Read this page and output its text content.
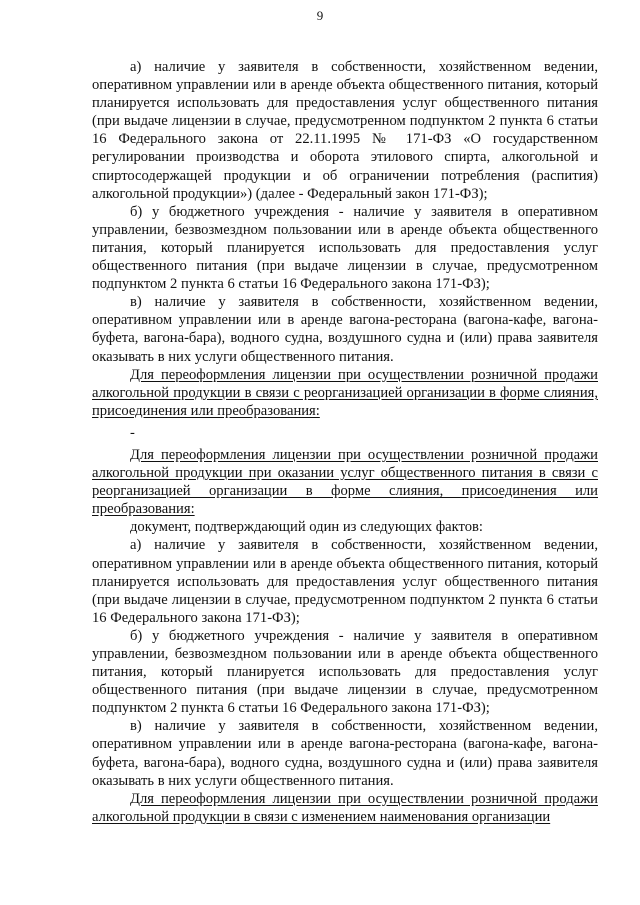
9

а) наличие у заявителя в собственности, хозяйственном ведении, оперативном управлении или в аренде объекта общественного питания, который планируется использовать для предоставления услуг общественного питания (при выдаче лицензии в случае, предусмотренном подпунктом 2 пункта 6 статьи 16 Федерального закона от 22.11.1995 № 171-ФЗ «О государственном регулировании производства и оборота этилового спирта, алкогольной и спиртосодержащей продукции и об ограничении потребления (распития) алкогольной продукции») (далее - Федеральный закон 171-ФЗ);

б) у бюджетного учреждения - наличие у заявителя в оперативном управлении, безвозмездном пользовании или в аренде объекта общественного питания, который планируется использовать для предоставления услуг общественного питания (при выдаче лицензии в случае, предусмотренном подпунктом 2 пункта 6 статьи 16 Федерального закона 171-ФЗ);

в) наличие у заявителя в собственности, хозяйственном ведении, оперативном управлении или в аренде вагона-ресторана (вагона-кафе, вагона-буфета, вагона-бара), водного судна, воздушного судна и (или) права заявителя оказывать в них услуги общественного питания.

Для переоформления лицензии при осуществлении розничной продажи алкогольной продукции в связи с реорганизацией организации в форме слияния, присоединения или преобразования:

-

Для переоформления лицензии при осуществлении розничной продажи алкогольной продукции при оказании услуг общественного питания в связи с реорганизацией организации в форме слияния, присоединения или преобразования:

документ, подтверждающий один из следующих фактов:

а) наличие у заявителя в собственности, хозяйственном ведении, оперативном управлении или в аренде объекта общественного питания, который планируется использовать для предоставления услуг общественного питания (при выдаче лицензии в случае, предусмотренном подпунктом 2 пункта 6 статьи 16 Федерального закона 171-ФЗ);

б) у бюджетного учреждения - наличие у заявителя в оперативном управлении, безвозмездном пользовании или в аренде объекта общественного питания, который планируется использовать для предоставления услуг общественного питания (при выдаче лицензии в случае, предусмотренном подпунктом 2 пункта 6 статьи 16 Федерального закона 171-ФЗ);

в) наличие у заявителя в собственности, хозяйственном ведении, оперативном управлении или в аренде вагона-ресторана (вагона-кафе, вагона-буфета, вагона-бара), водного судна, воздушного судна и (или) права заявителя оказывать в них услуги общественного питания.

Для переоформления лицензии при осуществлении розничной продажи алкогольной продукции в связи с изменением наименования организации
